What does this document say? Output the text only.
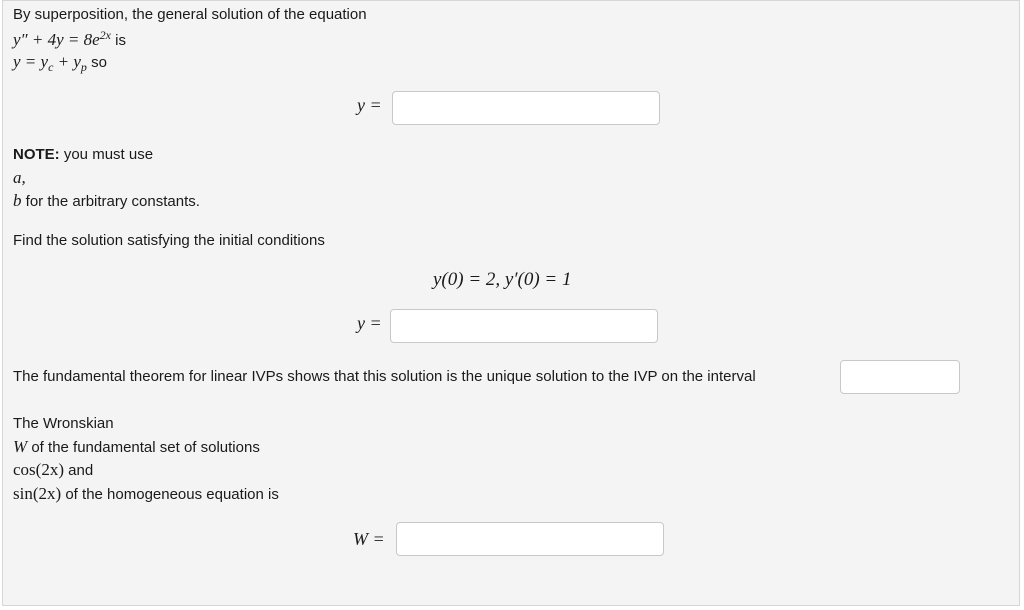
By superposition, the general solution of the equation
$y'' + 4y = 8e^{2x}$ is
$y = y_c + y_p$ so
y =
NOTE: you must use
a,
b for the arbitrary constants.
Find the solution satisfying the initial conditions
y(0) = 2, y′(0) = 1
y =
The fundamental theorem for linear IVPs shows that this solution is the unique solution to the IVP on the interval
The Wronskian
W of the fundamental set of solutions
cos(2x) and
sin(2x) of the homogeneous equation is
W =
